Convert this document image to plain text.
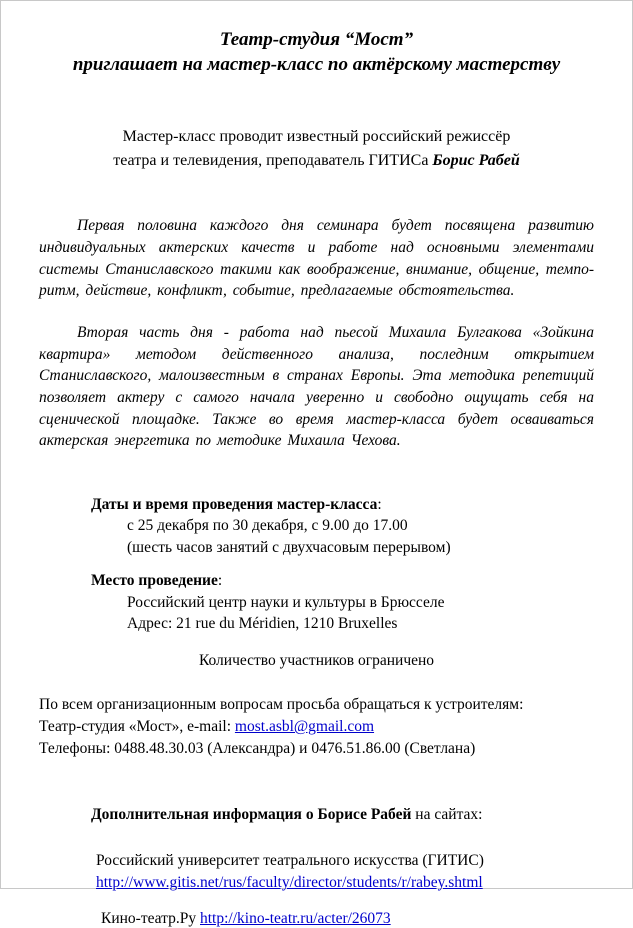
Театр-студия “Мост”
приглашает на мастер-класс по актёрскому мастерству

Мастер-класс проводит известный российский режиссёр
театра и телевидения, преподаватель ГИТИСа Борис Рабей

Первая половина каждого дня семинара будет посвящена развитию индивидуальных актерских качеств и работе над основными элементами системы Станиславского такими как воображение, внимание, общение, темпо-ритм, действие, конфликт, событие, предлагаемые обстоятельства.

Вторая часть дня - работа над пьесой Михаила Булгакова «Зойкина квартира» методом действенного анализа, последним открытием Станиславского, малоизвестным в странах Европы. Эта методика репетиций позволяет актеру с самого начала уверенно и свободно ощущать себя на сценической площадке. Также во время мастер-класса будет осваиваться актерская энергетика по методике Михаила Чехова.

Даты и время проведения мастер-класса:
с 25 декабря по 30 декабря, с 9.00 до 17.00
(шесть часов занятий с двухчасовым перерывом)
Место проведение:
Российский центр науки и культуры в Брюсселе
Адрес: 21 rue du Méridien, 1210 Bruxelles
Количество участников ограничено
По всем организационным вопросам просьба обращаться к устроителям:
Театр-студия «Мост», e-mail: most.asbl@gmail.com
Телефоны: 0488.48.30.03 (Александра) и 0476.51.86.00 (Светлана)
Дополнительная информация о Борисе Рабей на сайтах:
Российский университет театрального искусства (ГИТИС)
http://www.gitis.net/rus/faculty/director/students/r/rabey.shtml
Кино-театр.Ру http://kino-teatr.ru/acter/26073
